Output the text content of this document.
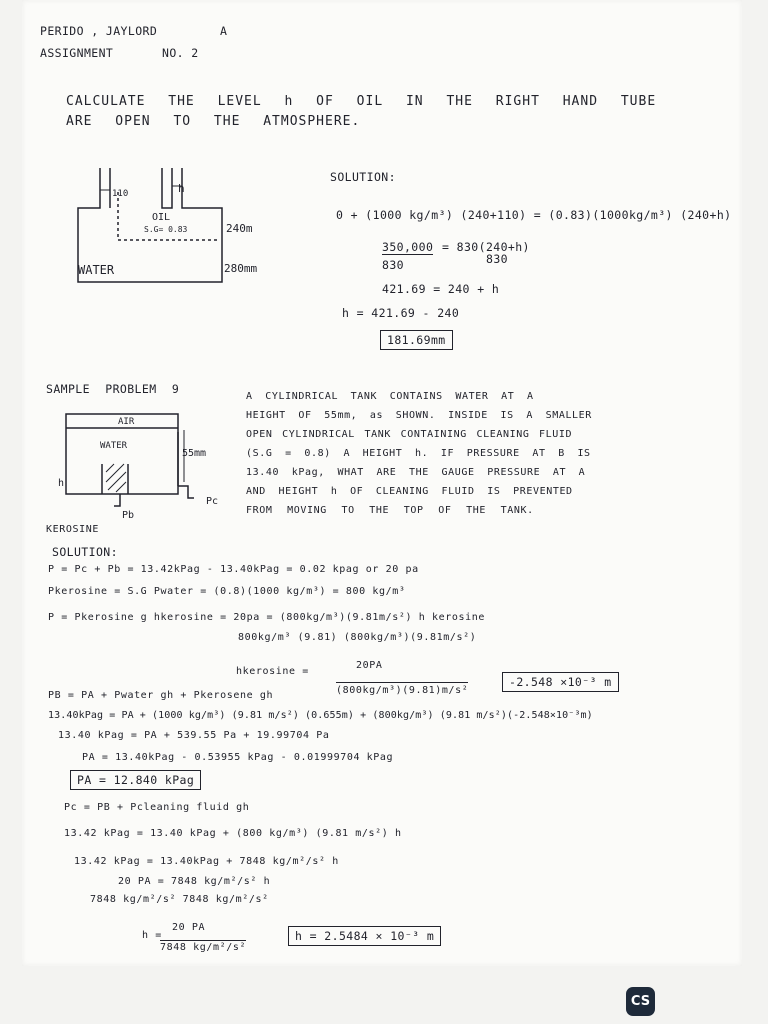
PERIDO , JAYLORD	A
ASSIGNMENT	NO. 2
CALCULATE THE LEVEL h OF OIL IN THE RIGHT HAND TUBE
ARE OPEN TO THE ATMOSPHERE.
110	h
OIL
S.G= 0.83	240m
WATER	280mm
SOLUTION:
0 + (1000 kg/m³) (240+110) = (0.83)(1000kg/m³) (240+h)
350,000 = 830(240+h)
830	830
421.69 = 240 + h
h = 421.69 - 240
181.69mm
SAMPLE PROBLEM 9
AIR
WATER
55mm
h
Pc
Pb
KEROSINE
A CYLINDRICAL TANK CONTAINS WATER AT A
HEIGHT OF 55mm, as SHOWN. INSIDE IS A SMALLER
OPEN CYLINDRICAL TANK CONTAINING CLEANING FLUID
(S.G = 0.8) A HEIGHT h. IF PRESSURE AT B IS
13.40 kPag, WHAT ARE THE GAUGE PRESSURE AT A
AND HEIGHT h OF CLEANING FLUID IS PREVENTED
FROM MOVING TO THE TOP OF THE TANK.
SOLUTION:
P = Pc + Pb = 13.42kPag - 13.40kPag = 0.02 kpag or 20 pa
Pkerosine = S.G Pwater = (0.8)(1000 kg/m³) = 800 kg/m³
P = Pkerosine g hkerosine = 20pa = (800kg/m³)(9.81m/s²) h kerosine
800kg/m³ (9.81) (800kg/m³)(9.81m/s²)
hkerosine =
20PA
(800kg/m³)(9.81)m/s²
-2.548 ×10⁻³ m
PB = PA + Pwater gh + Pkerosene gh
13.40kPag = PA + (1000 kg/m³) (9.81 m/s²) (0.655m) + (800kg/m³) (9.81 m/s²)(-2.548×10⁻³m)
13.40 kPag = PA + 539.55 Pa + 19.99704 Pa
PA = 13.40kPag - 0.53955 kPag - 0.01999704 kPag
PA = 12.840 kPag
Pc = PB + Pcleaning fluid gh
13.42 kPag = 13.40 kPag + (800 kg/m³) (9.81 m/s²) h
13.42 kPag = 13.40kPag + 7848 kg/m²/s² h
20 PA = 7848 kg/m²/s² h
7848 kg/m²/s² 7848 kg/m²/s²
h =
20 PA
7848 kg/m²/s²
h = 2.5484 × 10⁻³ m
CS
